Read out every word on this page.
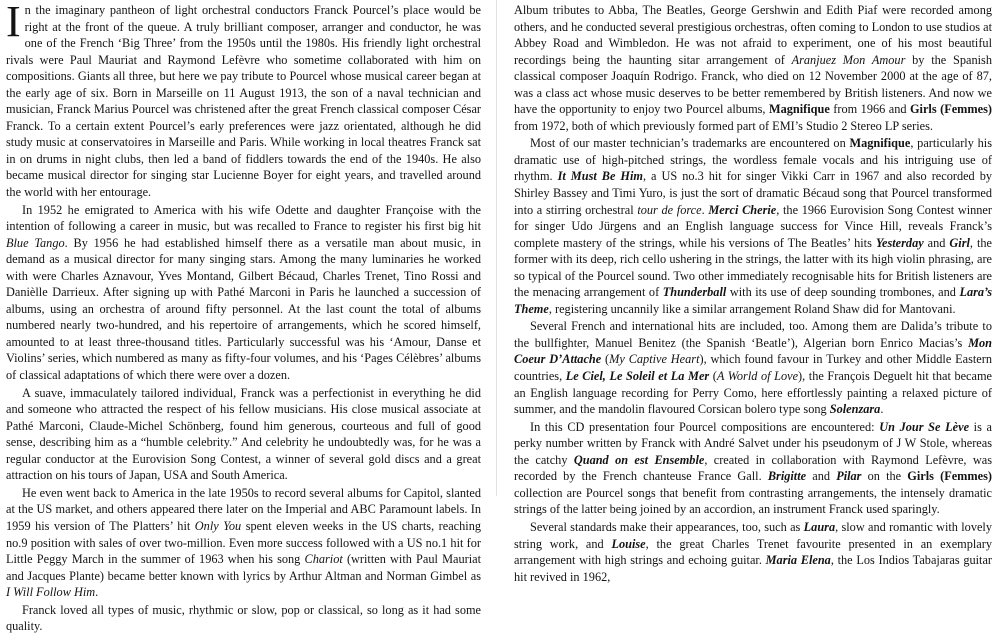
I n the imaginary pantheon of light orchestral conductors Franck Pourcel’s place would be right at the front of the queue. A truly brilliant composer, arranger and conductor, he was one of the French ‘Big Three’ from the 1950s until the 1980s. His friendly light orchestral rivals were Paul Mauriat and Raymond Lefèvre who sometime collaborated with him on compositions. Giants all three, but here we pay tribute to Pourcel whose musical career began at the early age of six. Born in Marseille on 11 August 1913, the son of a naval technician and musician, Franck Marius Pourcel was christened after the great French classical composer César Franck. To a certain extent Pourcel’s early preferences were jazz orientated, although he did study music at conservatoires in Marseille and Paris. While working in local theatres Franck sat in on drums in night clubs, then led a band of fiddlers towards the end of the 1940s. He also became musical director for singing star Lucienne Boyer for eight years, and travelled around the world with her entourage.

In 1952 he emigrated to America with his wife Odette and daughter Françoise with the intention of following a career in music, but was recalled to France to register his first big hit Blue Tango. By 1956 he had established himself there as a versatile man about music, in demand as a musical director for many singing stars. Among the many luminaries he worked with were Charles Aznavour, Yves Montand, Gilbert Bécaud, Charles Trenet, Tino Rossi and Danièlle Darrieux. After signing up with Pathé Marconi in Paris he launched a succession of albums, using an orchestra of around fifty personnel. At the last count the total of albums numbered nearly two-hundred, and his repertoire of arrangements, which he scored himself, amounted to at least three-thousand titles. Particularly successful was his ‘Amour, Danse et Violins’ series, which numbered as many as fifty-four volumes, and his ‘Pages Célèbres’ albums of classical adaptations of which there were over a dozen.

A suave, immaculately tailored individual, Franck was a perfectionist in everything he did and someone who attracted the respect of his fellow musicians. His close musical associate at Pathé Marconi, Claude-Michel Schönberg, found him generous, courteous and full of good sense, describing him as a “humble celebrity.” And celebrity he undoubtedly was, for he was a regular conductor at the Eurovision Song Contest, a winner of several gold discs and a great attraction on his tours of Japan, USA and South America.

He even went back to America in the late 1950s to record several albums for Capitol, slanted at the US market, and others appeared there later on the Imperial and ABC Paramount labels. In 1959 his version of The Platters’ hit Only You spent eleven weeks in the US charts, reaching no.9 position with sales of over two-million. Even more success followed with a US no.1 hit for Little Peggy March in the summer of 1963 when his song Chariot (written with Paul Mauriat and Jacques Plante) became better known with lyrics by Arthur Altman and Norman Gimbel as I Will Follow Him.

Franck loved all types of music, rhythmic or slow, pop or classical, so long as it had some quality.

Album tributes to Abba, The Beatles, George Gershwin and Edith Piaf were recorded among others, and he conducted several prestigious orchestras, often coming to London to use studios at Abbey Road and Wimbledon. He was not afraid to experiment, one of his most beautiful recordings being the haunting sitar arrangement of Aranjuez Mon Amour by the Spanish classical composer Joaquín Rodrigo. Franck, who died on 12 November 2000 at the age of 87, was a class act whose music deserves to be better remembered by British listeners. And now we have the opportunity to enjoy two Pourcel albums, Magnifique from 1966 and Girls (Femmes) from 1972, both of which previously formed part of EMI’s Studio 2 Stereo LP series.

Most of our master technician’s trademarks are encountered on Magnifique, particularly his dramatic use of high-pitched strings, the wordless female vocals and his intriguing use of rhythm. It Must Be Him, a US no.3 hit for singer Vikki Carr in 1967 and also recorded by Shirley Bassey and Timi Yuro, is just the sort of dramatic Bécaud song that Pourcel transformed into a stirring orchestral tour de force. Merci Cherie, the 1966 Eurovision Song Contest winner for singer Udo Jürgens and an English language success for Vince Hill, reveals Franck’s complete mastery of the strings, while his versions of The Beatles’ hits Yesterday and Girl, the former with its deep, rich cello ushering in the strings, the latter with its high violin phrasing, are so typical of the Pourcel sound. Two other immediately recognisable hits for British listeners are the menacing arrangement of Thunderball with its use of deep sounding trombones, and Lara’s Theme, registering uncannily like a similar arrangement Roland Shaw did for Mantovani.

Several French and international hits are included, too. Among them are Dalida’s tribute to the bullfighter, Manuel Benitez (the Spanish ‘Beatle’), Algerian born Enrico Macias’s Mon Coeur D’Attache (My Captive Heart), which found favour in Turkey and other Middle Eastern countries, Le Ciel, Le Soleil et La Mer (A World of Love), the François Deguelt hit that became an English language recording for Perry Como, here effortlessly painting a relaxed picture of summer, and the mandolin flavoured Corsican bolero type song Solenzara.

In this CD presentation four Pourcel compositions are encountered: Un Jour Se Lève is a perky number written by Franck with André Salvet under his pseudonym of J W Stole, whereas the catchy Quand on est Ensemble, created in collaboration with Raymond Lefèvre, was recorded by the French chanteuse France Gall. Brigitte and Pilar on the Girls (Femmes) collection are Pourcel songs that benefit from contrasting arrangements, the intensely dramatic strings of the latter being joined by an accordion, an instrument Franck used sparingly.

Several standards make their appearances, too, such as Laura, slow and romantic with lovely string work, and Louise, the great Charles Trenet favourite presented in an exemplary arrangement with high strings and echoing guitar. Maria Elena, the Los Indios Tabajaras guitar hit revived in 1962,
